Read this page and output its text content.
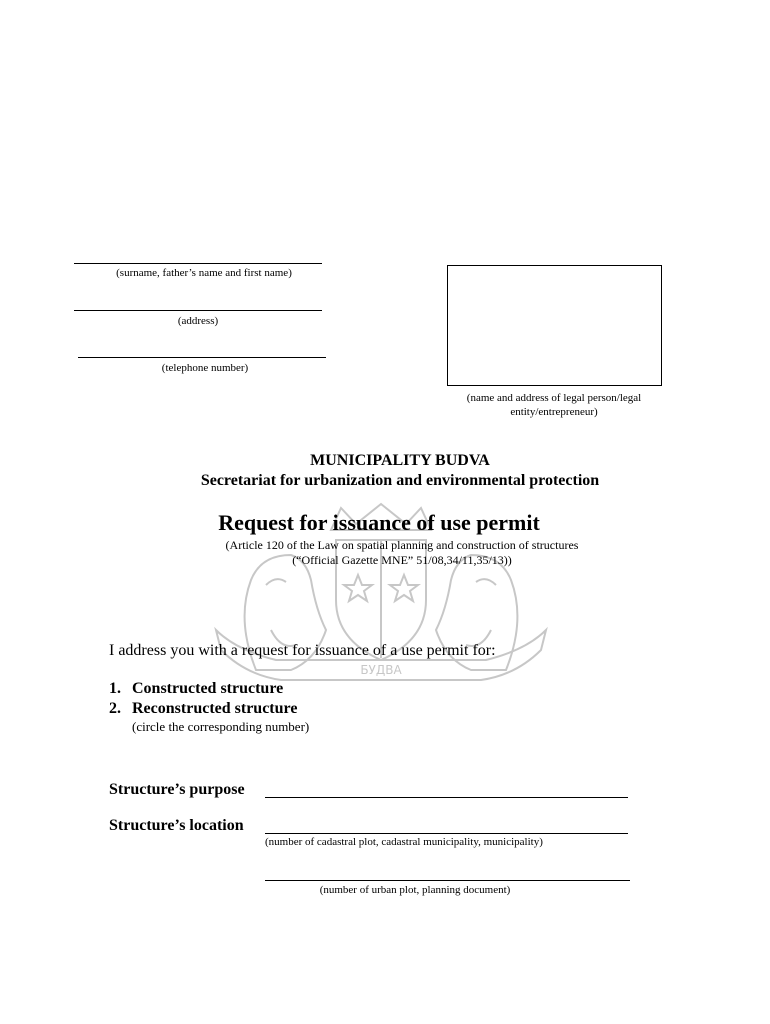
БУДВА
(surname, father’s name and first name)
(address)
(telephone number)
(name and address of legal person/legal
entity/entrepreneur)
MUNICIPALITY BUDVA
Secretariat for urbanization and environmental protection
Request for issuance of use permit
(Article 120 of the Law on spatial planning and construction of structures
(“Official Gazette MNE” 51/08,34/11,35/13))
I address you with a request for issuance of a use permit for:
1. Constructed structure
2. Reconstructed structure
(circle the corresponding number)
Structure’s purpose
Structure’s location
(number of cadastral plot, cadastral municipality, municipality)
(number of urban plot, planning document)
